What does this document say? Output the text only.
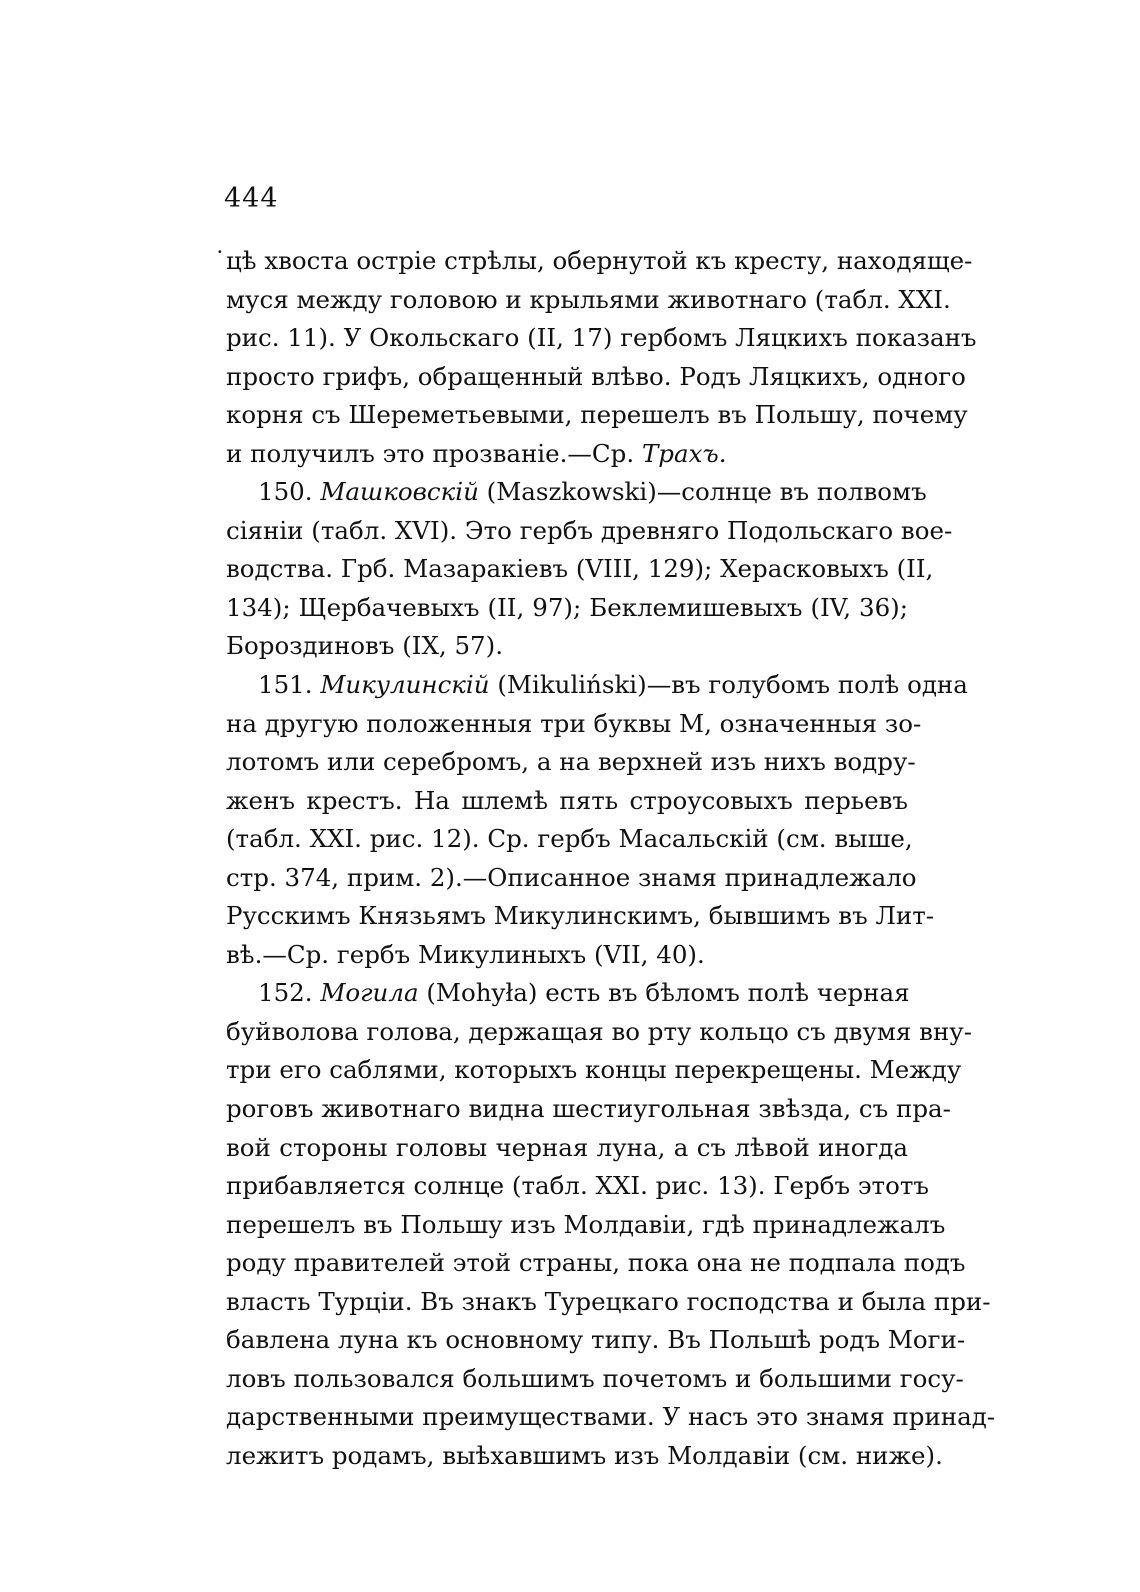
444
̇цѣ хвоста остріе стрѣлы, обернутой къ кресту, находяще-
муся между головою и крыльями животнаго (табл. XXI.
рис. 11). У Окольскаго (II, 17) гербомъ Ляцкихъ показанъ
просто грифъ, обращенный влѣво. Родъ Ляцкихъ, одного
корня съ Шереметьевыми, перешелъ въ Польшу, почему
и получилъ это прозваніе.—Ср. Трахъ.
150. Машковскій (Maszkowski)—солнце въ полвомъ
сіяніи (табл. XVI). Это гербъ древняго Подольскаго вое-
водства. Грб. Мазаракіевъ (VIII, 129); Херасковыхъ (II,
134); Щербачевыхъ (II, 97); Беклемишевыхъ (IV, 36);
Бороздиновъ (IX, 57).
151. Микулинскій (Mikuliński)—въ голубомъ полѣ одна
на другую положенныя три буквы М, означенныя зо-
лотомъ или серебромъ, а на верхней изъ нихъ водру-
женъ крестъ. На шлемѣ пять строусовыхъ перьевъ
(табл. XXI. рис. 12). Ср. гербъ Масальскій (см. выше,
стр. 374, прим. 2).—Описанное знамя принадлежало
Русскимъ Князьямъ Микулинскимъ, бывшимъ въ Лит-
вѣ.—Ср. гербъ Микулиныхъ (VII, 40).
152. Могила (Mohyła) есть въ бѣломъ полѣ черная
буйволова голова, держащая во рту кольцо съ двумя вну-
три его саблями, которыхъ концы перекрещены. Между
роговъ животнаго видна шестиугольная звѣзда, съ пра-
вой стороны головы черная луна, а съ лѣвой иногда
прибавляется солнце (табл. XXI. рис. 13). Гербъ этотъ
перешелъ въ Польшу изъ Молдавіи, гдѣ принадлежалъ
роду правителей этой страны, пока она не подпала подъ
власть Турціи. Въ знакъ Турецкаго господства и была при-
бавлена луна къ основному типу. Въ Польшѣ родъ Моги-
ловъ пользовался большимъ почетомъ и большими госу-
дарственными преимуществами. У насъ это знамя принад-
лежитъ родамъ, выѣхавшимъ изъ Молдавіи (см. ниже).
